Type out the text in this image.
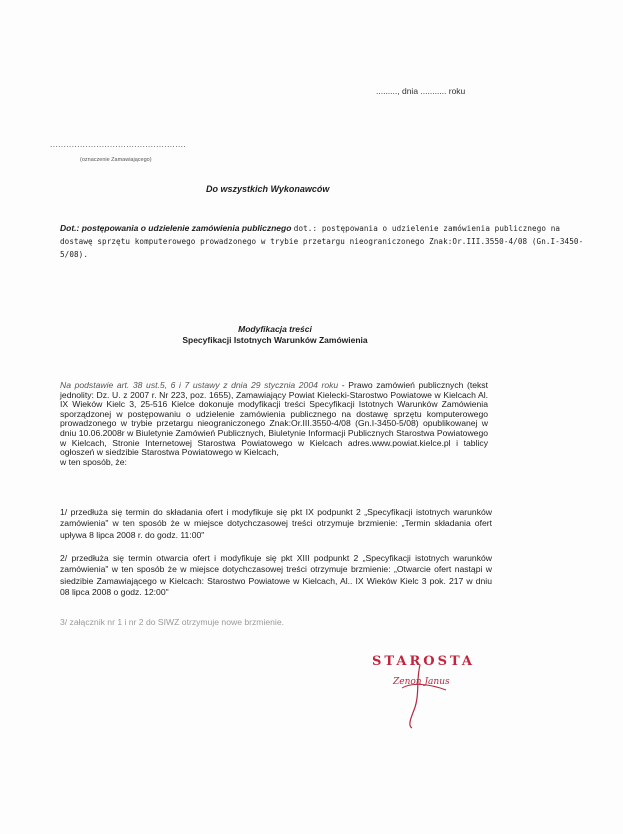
........., dnia ........... roku
..................................................
(oznaczenie Zamawiającego)
Do wszystkich Wykonawców
Dot.: postępowania o udzielenie zamówienia publicznego dot.: postępowania o udzielenie zamówienia publicznego na dostawę sprzętu komputerowego prowadzonego w trybie przetargu nieograniczonego Znak:Or.III.3550-4/08 (Gn.I-3450-5/08).
Modyfikacja treści
Specyfikacji Istotnych Warunków Zamówienia
Na podstawie art. 38 ust.5, 6 i 7 ustawy z dnia 29 stycznia 2004 roku - Prawo zamówień publicznych (tekst jednolity: Dz. U. z 2007 r. Nr 223, poz. 1655), Zamawiający Powiat Kielecki-Starostwo Powiatowe w Kielcach Al. IX Wieków Kielc 3, 25-516 Kielce dokonuje modyfikacji treści Specyfikacji Istotnych Warunków Zamówienia sporządzonej w postępowaniu o udzielenie zamówienia publicznego na dostawę sprzętu komputerowego prowadzonego w trybie przetargu nieograniczonego Znak:Or.III.3550-4/08 (Gn.I-3450-5/08) opublikowanej w dniu 10.06.2008r w Biuletynie Zamówień Publicznych, Biuletynie Informacji Publicznych Starostwa Powiatowego w Kielcach, Stronie Internetowej Starostwa Powiatowego w Kielcach adres.www.powiat.kielce.pl i tablicy ogłoszeń w siedzibie Starostwa Powiatowego w Kielcach,
w ten sposób, że:
1/ przedłuża się termin do składania ofert i modyfikuje się pkt IX podpunkt 2 „Specyfikacji istotnych warunków zamówienia" w ten sposób że w miejsce dotychczasowej treści otrzymuje brzmienie: „Termin składania ofert upływa 8 lipca 2008 r. do godz. 11:00"
2/ przedłuża się termin otwarcia ofert i modyfikuje się pkt XIII podpunkt 2 „Specyfikacji istotnych warunków zamówienia" w ten sposób że w miejsce dotychczasowej treści otrzymuje brzmienie: „Otwarcie ofert nastąpi w siedzibie Zamawiającego w Kielcach: Starostwo Powiatowe w Kielcach, Al.. IX Wieków Kielc 3 pok. 217 w dniu 08 lipca 2008 o godz. 12:00"
3/ załącznik nr 1 i nr 2 do SIWZ otrzymuje nowe brzmienie.
STAROSTA
Zenon Janus
